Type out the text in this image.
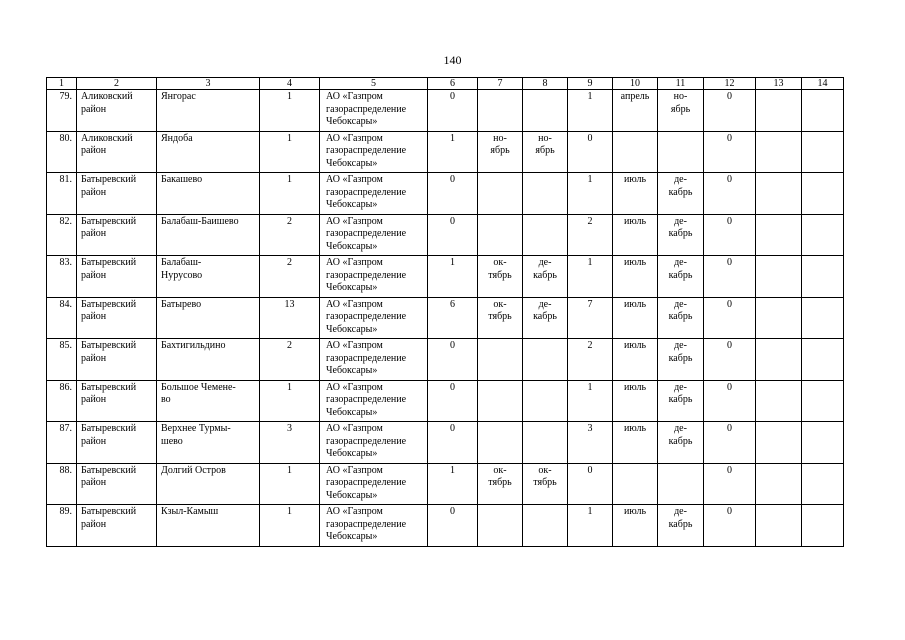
140
1	2	3	4	5	6	7	8	9	10	11	12	13	14
79.	Аликовский район	Янгорас	1	АО «Газпром газораспределение Чебоксары»	0			1	апрель	но-
ябрь	0		
80.	Аликовский район	Яндоба	1	АО «Газпром газораспределение Чебоксары»	1	но-
ябрь	но-
ябрь	0			0		
81.	Батыревский район	Бакашево	1	АО «Газпром газораспределение Чебоксары»	0			1	июль	де-
кабрь	0		
82.	Батыревский район	Балабаш-Баишево	2	АО «Газпром газораспределение Чебоксары»	0			2	июль	де-
кабрь	0		
83.	Батыревский район	Балабаш-
Нурусово	2	АО «Газпром газораспределение Чебоксары»	1	ок-
тябрь	де-
кабрь	1	июль	де-
кабрь	0		
84.	Батыревский район	Батырево	13	АО «Газпром газораспределение Чебоксары»	6	ок-
тябрь	де-
кабрь	7	июль	де-
кабрь	0		
85.	Батыревский район	Бахтигильдино	2	АО «Газпром газораспределение Чебоксары»	0			2	июль	де-
кабрь	0		
86.	Батыревский район	Большое Чемене-
во	1	АО «Газпром газораспределение Чебоксары»	0			1	июль	де-
кабрь	0		
87.	Батыревский район	Верхнее Турмы-
шево	3	АО «Газпром газораспределение Чебоксары»	0			3	июль	де-
кабрь	0		
88.	Батыревский район	Долгий Остров	1	АО «Газпром газораспределение Чебоксары»	1	ок-
тябрь	ок-
тябрь	0			0		
89.	Батыревский район	Кзыл-Камыш	1	АО «Газпром газораспределение Чебоксары»	0			1	июль	де-
кабрь	0		
